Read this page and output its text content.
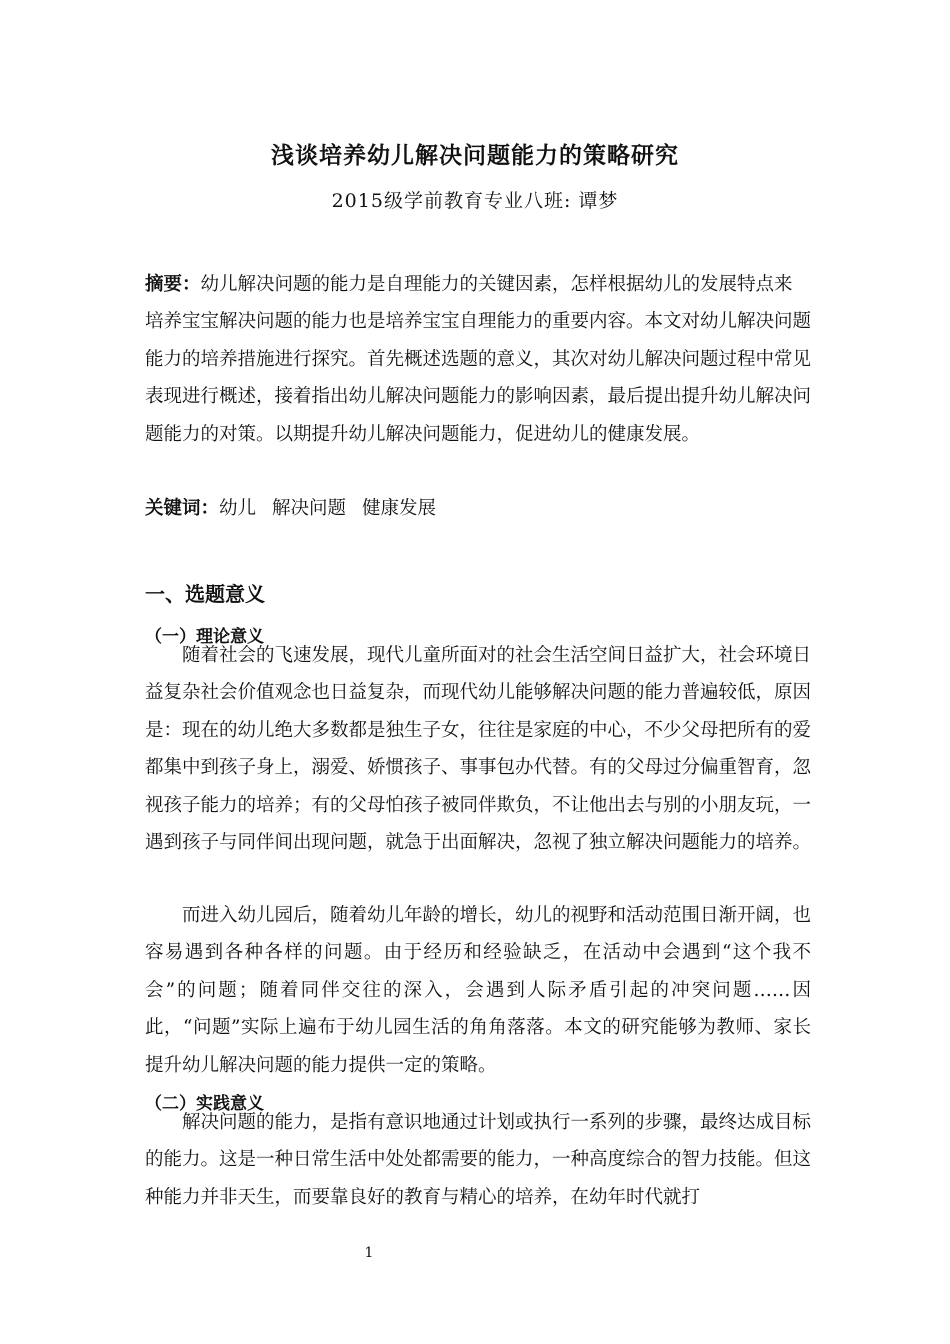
浅谈培养幼儿解决问题能力的策略研究
2015级学前教育专业八班: 谭梦
摘要：幼儿解决问题的能力是自理能力的关键因素，怎样根据幼儿的发展特点来培养宝宝解决问题的能力也是培养宝宝自理能力的重要内容。本文对幼儿解决问题能力的培养措施进行探究。首先概述选题的意义，其次对幼儿解决问题过程中常见表现进行概述，接着指出幼儿解决问题能力的影响因素，最后提出提升幼儿解决问题能力的对策。以期提升幼儿解决问题能力，促进幼儿的健康发展。
关键词：幼儿 解决问题 健康发展
一、选题意义
（一）理论意义
随着社会的飞速发展，现代儿童所面对的社会生活空间日益扩大，社会环境日益复杂社会价值观念也日益复杂，而现代幼儿能够解决问题的能力普遍较低，原因是：现在的幼儿绝大多数都是独生子女，往往是家庭的中心，不少父母把所有的爱都集中到孩子身上，溺爱、娇惯孩子、事事包办代替。有的父母过分偏重智育，忽视孩子能力的培养；有的父母怕孩子被同伴欺负，不让他出去与别的小朋友玩，一遇到孩子与同伴间出现问题，就急于出面解决，忽视了独立解决问题能力的培养。
而进入幼儿园后，随着幼儿年龄的增长，幼儿的视野和活动范围日渐开阔，也容易遇到各种各样的问题。由于经历和经验缺乏，在活动中会遇到“这个我不会”的问题；随着同伴交往的深入，会遇到人际矛盾引起的冲突问题……因此，“问题”实际上遍布于幼儿园生活的角角落落。本文的研究能够为教师、家长提升幼儿解决问题的能力提供一定的策略。
（二）实践意义
解决问题的能力，是指有意识地通过计划或执行一系列的步骤，最终达成目标的能力。这是一种日常生活中处处都需要的能力，一种高度综合的智力技能。但这种能力并非天生，而要靠良好的教育与精心的培养，在幼年时代就打
1
